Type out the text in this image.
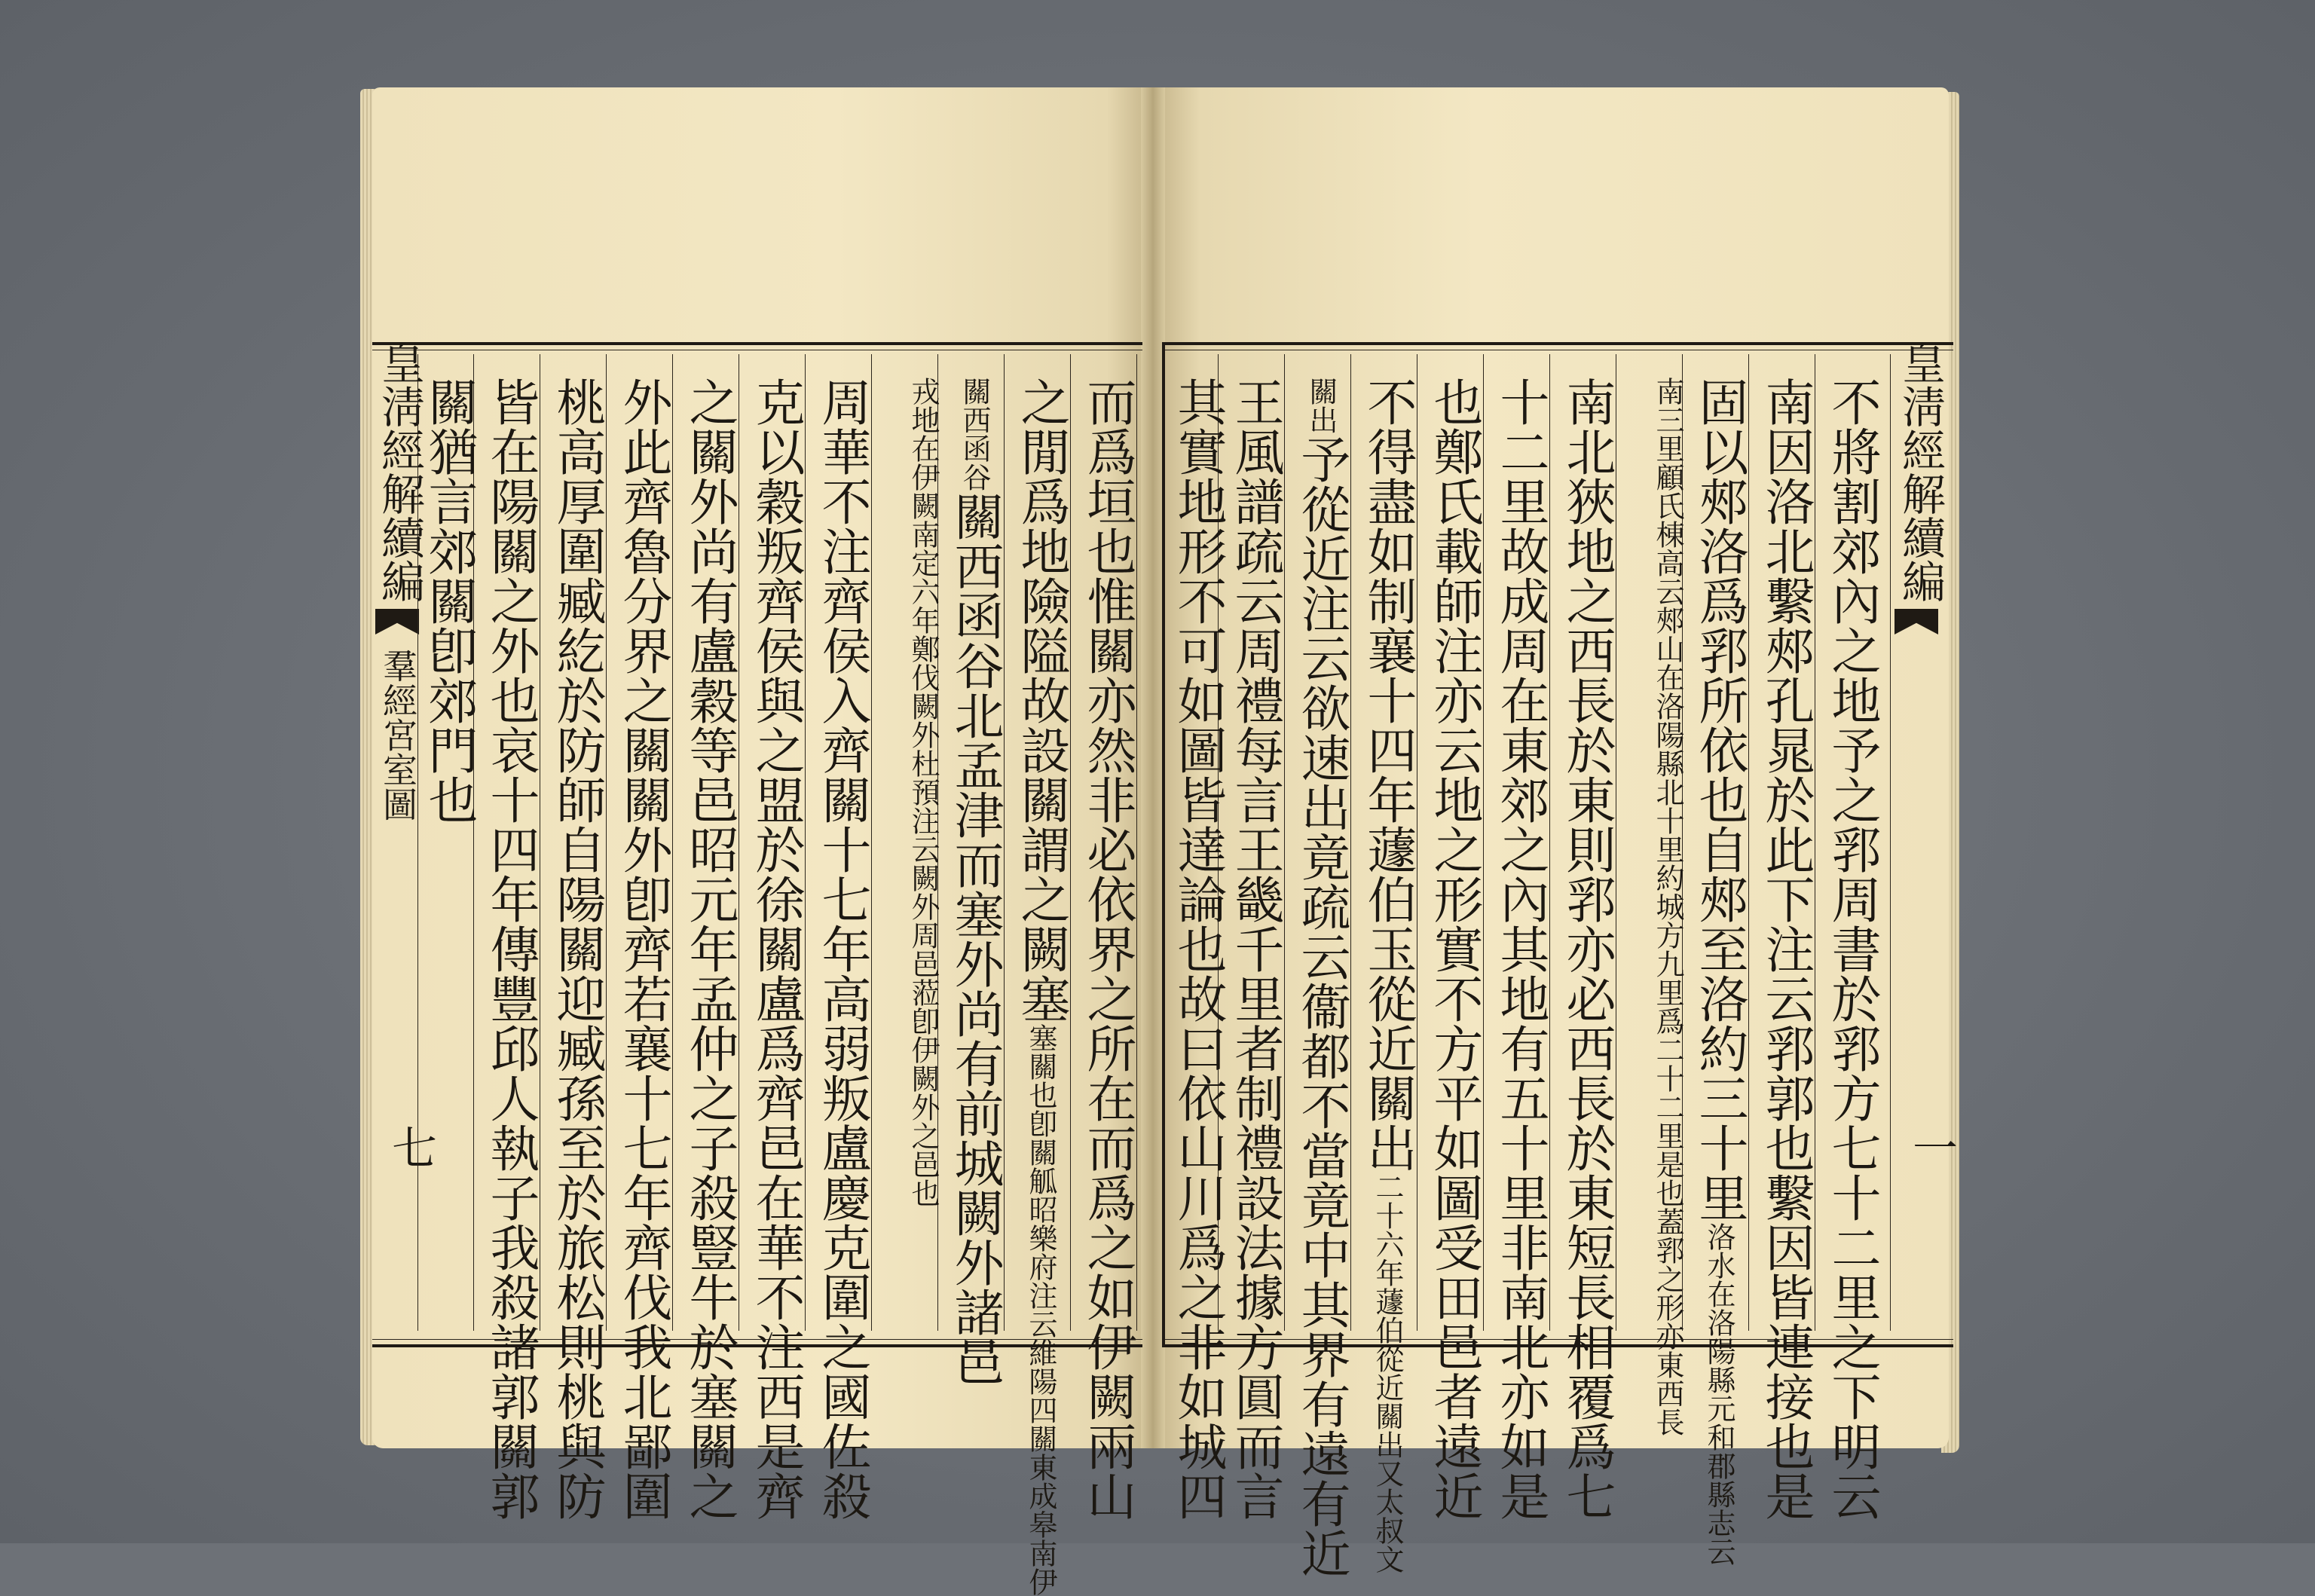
皇淸經解續編
羣經宮室圖
七	而爲垣也惟關亦然非必依界之所在而爲之如伊闕兩山
之閒爲地險隘故設關謂之闕塞塞關也卽關觚昭樂府注云維陽四關東成皋南伊
關西函谷關西函谷北孟津而塞外尚有前城闕外諸邑
戎地在伊闕南定六年鄭伐闕外杜預注云闕外周邑蒞卽伊闕外之邑也
周華不注齊侯入齊關十七年高弱叛盧慶克圍之國佐殺
克以穀叛齊侯與之盟於徐關盧爲齊邑在華不注西是齊
之關外尚有盧穀等邑昭元年孟仲之子殺豎牛於塞關之
外此齊魯分界之關關外卽齊若襄十七年齊伐我北鄙圍
桃高厚圍臧紇於防師自陽關迎臧孫至於旅松則桃與防
皆在陽關之外也哀十四年傳豐邱人執子我殺諸郭關郭
關猶言郊關卽郊門也	不將割郊內之地予之郛周書於郛方七十二里之下明云
南因洛北繫郟孔晁於此下注云郛郭也繫因皆連接也是
固以郟洛爲郛所依也自郟至洛約三十里洛水在洛陽縣元和郡縣志云
南三里顧氏棟高云郟山在洛陽縣北十里約城方九里爲二十二里是也蓋郛之形亦東西長
南北狹地之西長於東則郛亦必西長於東短長相覆爲七
十二里故成周在東郊之內其地有五十里非南北亦如是
也鄭氏載師注亦云地之形實不方平如圖受田邑者遠近
不得盡如制襄十四年蘧伯玉從近關出二十六年蘧伯從近關出又太叔文
關出予從近注云欲速出竟疏云衞都不當竟中其界有遠有近
王風譜疏云周禮每言王畿千里者制禮設法據方圓而言
其實地形不可如圖皆達論也故曰依山川爲之非如城四	皇淸經解續編
一
